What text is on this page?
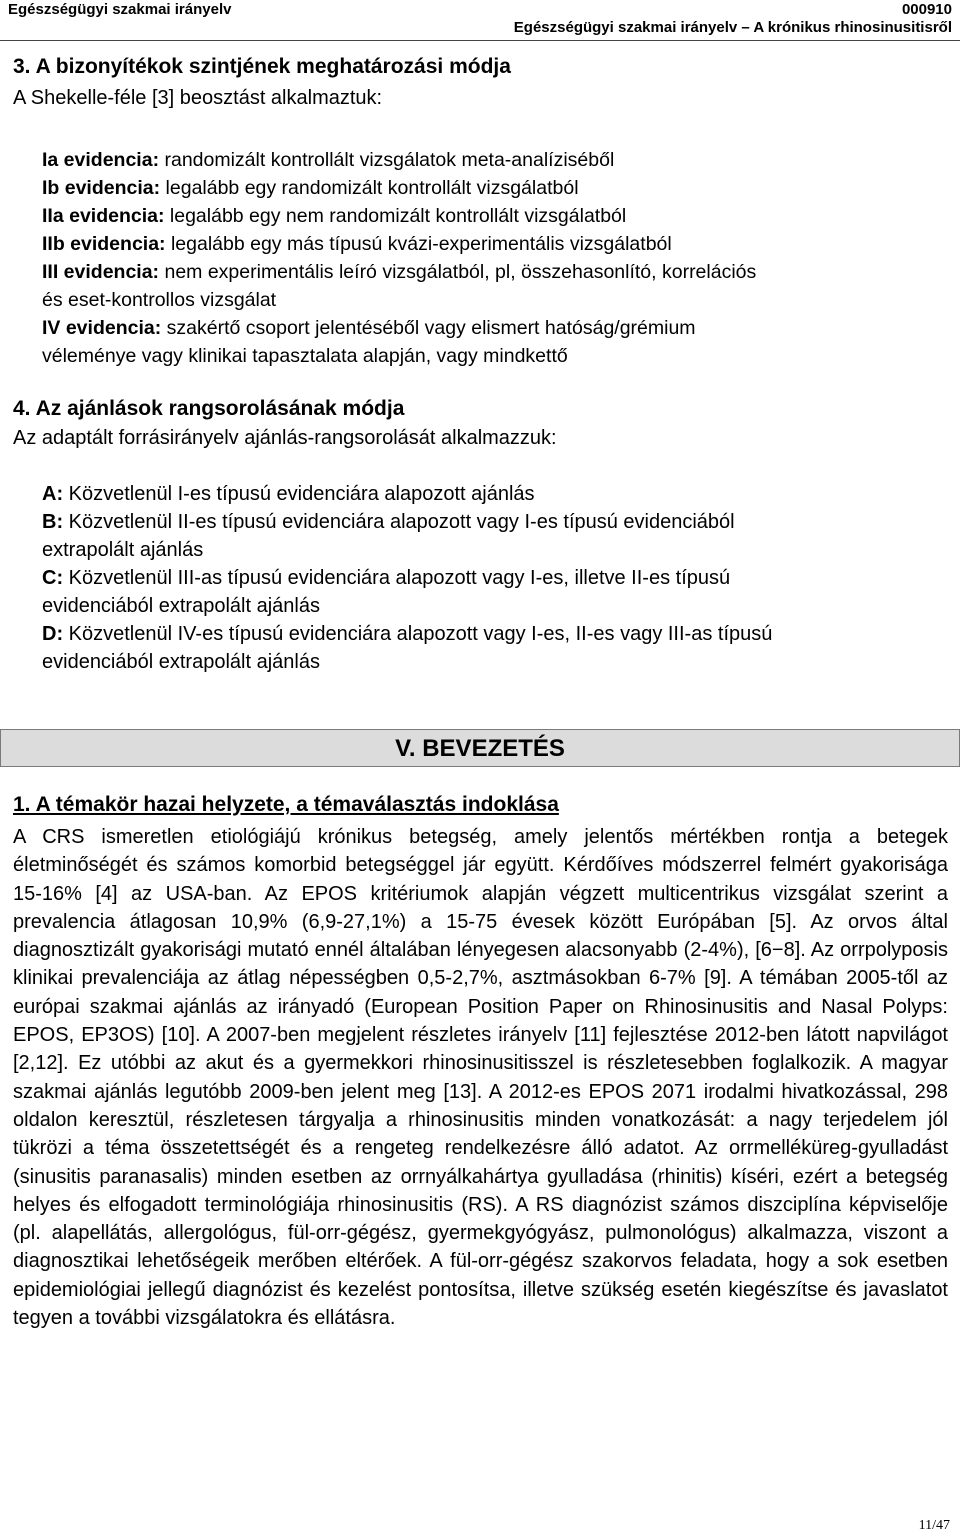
Egészségügyi szakmai irányelv	000910
Egészségügyi szakmai irányelv – A krónikus rhinosinusitisről
3. A bizonyítékok szintjének meghatározási módja

A Shekelle-féle [3] beosztást alkalmaztuk:

Ia evidencia: randomizált kontrollált vizsgálatok meta-analíziséből

Ib evidencia: legalább egy randomizált kontrollált vizsgálatból

IIa evidencia: legalább egy nem randomizált kontrollált vizsgálatból

IIb evidencia: legalább egy más típusú kvázi-experimentális vizsgálatból

III evidencia: nem experimentális leíró vizsgálatból, pl, összehasonlító, korrelációs

és eset-kontrollos vizsgálat

IV evidencia: szakértő csoport jelentéséből vagy elismert hatóság/grémium

véleménye vagy klinikai tapasztalata alapján, vagy mindkettő

4. Az ajánlások rangsorolásának módja

Az adaptált forrásirányelv ajánlás-rangsorolását alkalmazzuk:

A: Közvetlenül I-es típusú evidenciára alapozott ajánlás

B: Közvetlenül II-es típusú evidenciára alapozott vagy I-es típusú evidenciából

extrapolált ajánlás

C: Közvetlenül III-as típusú evidenciára alapozott vagy I-es, illetve II-es típusú

evidenciából extrapolált ajánlás

D: Közvetlenül IV-es típusú evidenciára alapozott vagy I-es, II-es vagy III-as típusú

evidenciából extrapolált ajánlás

V. BEVEZETÉS
1. A témakör hazai helyzete, a témaválasztás indoklása

A CRS ismeretlen etiológiájú krónikus betegség, amely jelentős mértékben rontja a betegek életminőségét és számos komorbid betegséggel jár együtt. Kérdőíves módszerrel felmért gyakorisága 15-16% [4] az USA-ban. Az EPOS kritériumok alapján végzett multicentrikus vizsgálat szerint a prevalencia átlagosan 10,9% (6,9-27,1%) a 15-75 évesek között Európában [5]. Az orvos által diagnosztizált gyakorisági mutató ennél általában lényegesen alacsonyabb (2-4%), [6−8]. Az orrpolyposis klinikai prevalenciája az átlag népességben 0,5-2,7%, asztmásokban 6-7% [9]. A témában 2005-től az európai szakmai ajánlás az irányadó (European Position Paper on Rhinosinusitis and Nasal Polyps: EPOS, EP3OS) [10]. A 2007-ben megjelent részletes irányelv [11] fejlesztése 2012-ben látott napvilágot [2,12]. Ez utóbbi az akut és a gyermekkori rhinosinusitisszel is részletesebben foglalkozik. A magyar szakmai ajánlás legutóbb 2009-ben jelent meg [13]. A 2012-es EPOS 2071 irodalmi hivatkozással, 298 oldalon keresztül, részletesen tárgyalja a rhinosinusitis minden vonatkozását: a nagy terjedelem jól tükrözi a téma összetettségét és a rengeteg rendelkezésre álló adatot. Az orrmelléküreg-gyulladást (sinusitis paranasalis) minden esetben az orrnyálkahártya gyulladása (rhinitis) kíséri, ezért a betegség helyes és elfogadott terminológiája rhinosinusitis (RS). A RS diagnózist számos diszciplína képviselője (pl. alapellátás, allergológus, fül-orr-gégész, gyermekgyógyász, pulmonológus) alkalmazza, viszont a diagnosztikai lehetőségeik merőben eltérőek. A fül-orr-gégész szakorvos feladata, hogy a sok esetben epidemiológiai jellegű diagnózist és kezelést pontosítsa, illetve szükség esetén kiegészítse és javaslatot tegyen a további vizsgálatokra és ellátásra.

11/47
